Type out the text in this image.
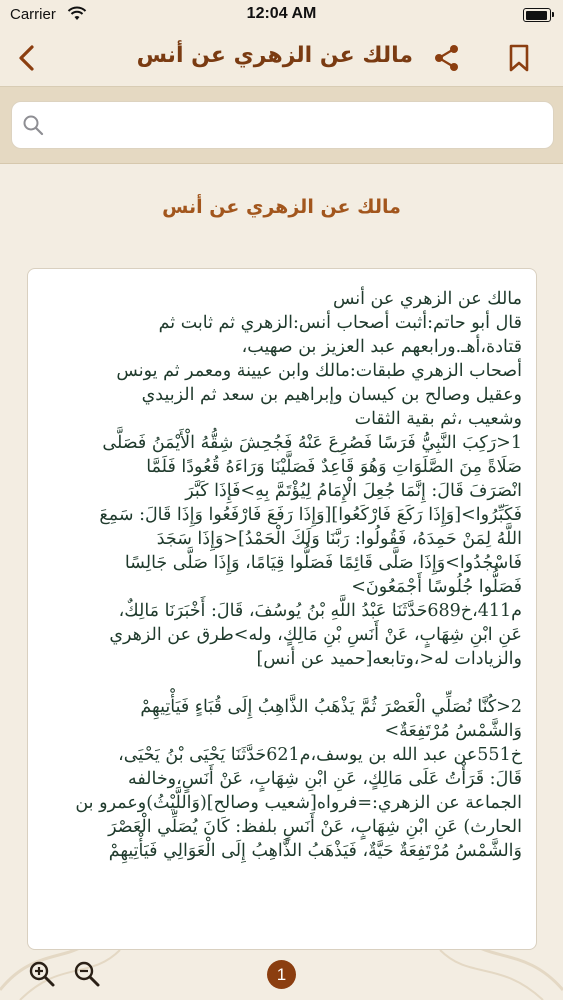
Carrier	12:04 AM
مالك عن الزهري عن أنس
مالك عن الزهري عن أنس
مالك عن الزهري عن أنس
قال أبو حاتم:أثبت أصحاب أنس:الزهري ثم ثابت ثم
قتادة،أهـ.ورابعهم عبد العزيز بن صهيب،
أصحاب الزهري طبقات:مالك وابن عيينة ومعمر ثم يونس
وعقيل وصالح بن كيسان وإبراهيم بن سعد ثم الزبيدي
وشعيب ،ثم بقية الثقات
1<رَكِبَ النَّبِيُّ فَرَسًا فَصُرِعَ عَنْهُ فَجُحِشَ شِقُّهُ الْأَيْمَنُ فَصَلَّى
صَلَاةً مِنَ الصَّلَوَاتِ وَهُوَ قَاعِدٌ فَصَلَّيْنَا وَرَاءَهُ قُعُودًا فَلَمَّا
انْصَرَفَ قَالَ: إِنَّمَا جُعِلَ الْإِمَامُ لِيُؤْتَمَّ بِهِ>فَإِذَا كَبَّرَ
فَكَبِّرُوا>[وَإِذَا رَكَعَ فَارْكَعُوا][وَإِذَا رَفَعَ فَارْفَعُوا وَإِذَا قَالَ: سَمِعَ
اللَّهُ لِمَنْ حَمِدَهُ، فَقُولُوا: رَبَّنَا وَلَكَ الْحَمْدُ]<وَإِذَا سَجَدَ
فَاسْجُدُوا>وَإِذَا صَلَّى قَائِمًا فَصَلُّوا قِيَامًا، وَإِذَا صَلَّى جَالِسًا
فَصَلُّوا جُلُوسًا أَجْمَعُونَ>
م411،خ689حَدَّثَنَا عَبْدُ اللَّهِ بْنُ يُوسُفَ، قَالَ: أَخْبَرَنَا مَالِكٌ،
عَنِ ابْنِ شِهَابٍ، عَنْ أَنَسِ بْنِ مَالِكٍ، وله>طرق عن الزهري
والزيادات له<،وتابعه[حميد عن أنس]
2<كُنَّا نُصَلِّي الْعَصْرَ ثُمَّ يَذْهَبُ الذَّاهِبُ إِلَى قُبَاءٍ فَيَأْتِيهِمْ
وَالشَّمْسُ مُرْتَفِعَةٌ>
خ551عن عبد الله بن يوسف،م621حَدَّثَنَا يَحْيَى بْنُ يَحْيَى،
قَالَ: قَرَأْتُ عَلَى مَالِكٍ، عَنِ ابْنِ شِهَابٍ، عَنْ أَنَسٍ،وخالفه
الجماعة عن الزهري:=فرواه[شعيب وصالح](وَاللَّيْثُ)وعمرو بن
الحارث) عَنِ ابْنِ شِهَابٍ، عَنْ أَنَسٍ بلفظ: كَانَ يُصَلِّي الْعَصْرَ
وَالشَّمْسُ مُرْتَفِعَةٌ حَيَّةٌ، فَيَذْهَبُ الذَّاهِبُ إِلَى الْعَوَالِي فَيَأْتِيهِمْ
1
